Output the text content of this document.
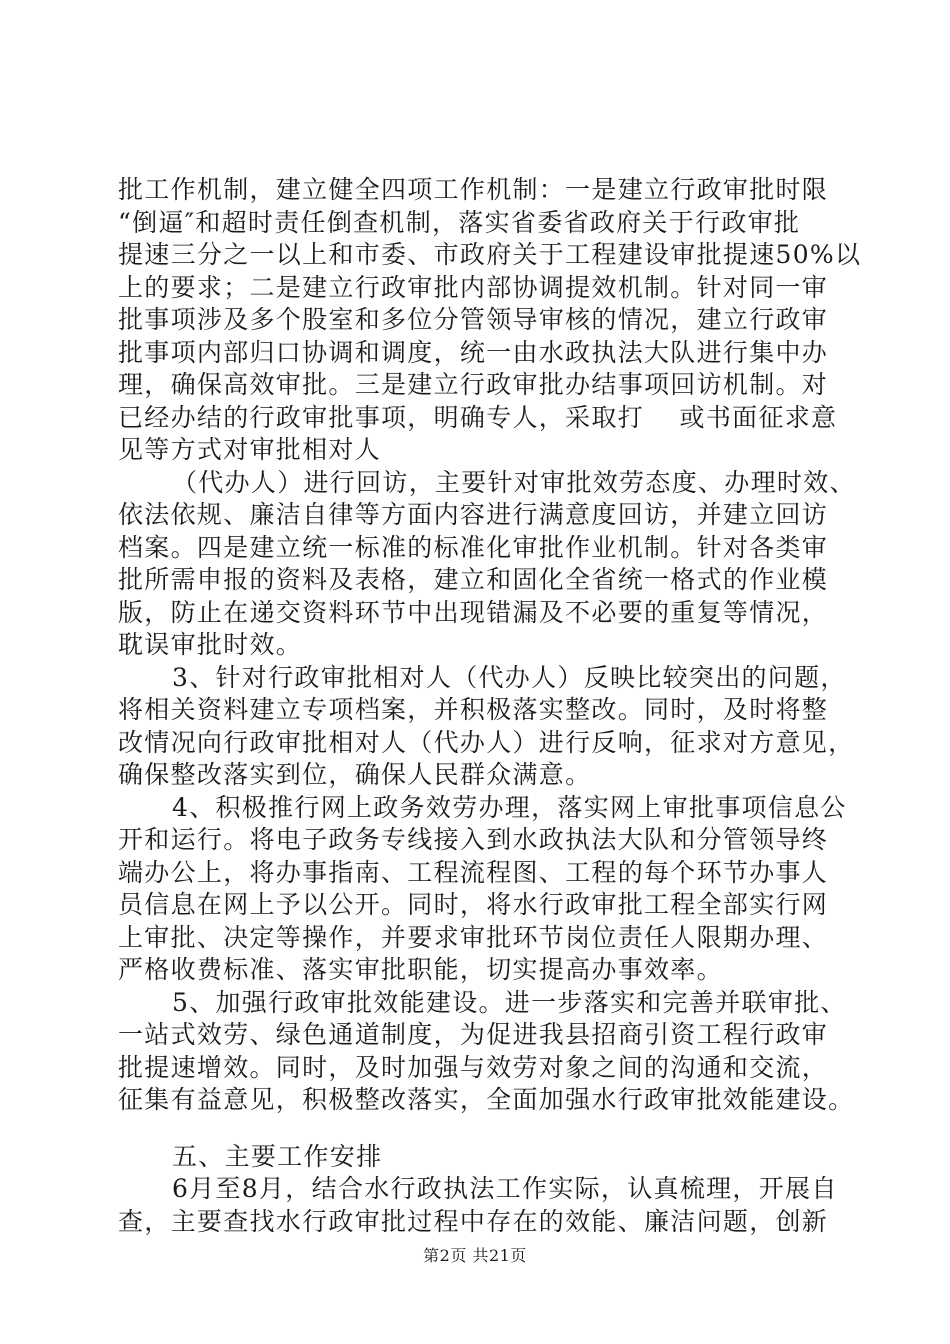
批工作机制，建立健全四项工作机制：一是建立行政审批时限
“倒逼″和超时责任倒查机制，落实省委省政府关于行政审批
提速三分之一以上和市委、市政府关于工程建设审批提速50%以
上的要求；二是建立行政审批内部协调提效机制。针对同一审
批事项涉及多个股室和多位分管领导审核的情况，建立行政审
批事项内部归口协调和调度，统一由水政执法大队进行集中办
理，确保高效审批。三是建立行政审批办结事项回访机制。对
已经办结的行政审批事项，明确专人，采取打　 或书面征求意
见等方式对审批相对人
（代办人）进行回访，主要针对审批效劳态度、办理时效、
依法依规、廉洁自律等方面内容进行满意度回访，并建立回访
档案。四是建立统一标准的标准化审批作业机制。针对各类审
批所需申报的资料及表格，建立和固化全省统一格式的作业模
版，防止在递交资料环节中出现错漏及不必要的重复等情况，
耽误审批时效。
3、针对行政审批相对人（代办人）反映比较突出的问题，
将相关资料建立专项档案，并积极落实整改。同时，及时将整
改情况向行政审批相对人（代办人）进行反响，征求对方意见，
确保整改落实到位，确保人民群众满意。
4、积极推行网上政务效劳办理，落实网上审批事项信息公
开和运行。将电子政务专线接入到水政执法大队和分管领导终
端办公上，将办事指南、工程流程图、工程的每个环节办事人
员信息在网上予以公开。同时，将水行政审批工程全部实行网
上审批、决定等操作，并要求审批环节岗位责任人限期办理、
严格收费标准、落实审批职能，切实提高办事效率。
5、加强行政审批效能建设。进一步落实和完善并联审批、
一站式效劳、绿色通道制度，为促进我县招商引资工程行政审
批提速增效。同时，及时加强与效劳对象之间的沟通和交流，
征集有益意见，积极整改落实，全面加强水行政审批效能建设。
五、主要工作安排
6月至8月，结合水行政执法工作实际，认真梳理，开展自
查，主要查找水行政审批过程中存在的效能、廉洁问题，创新
第2页 共21页
